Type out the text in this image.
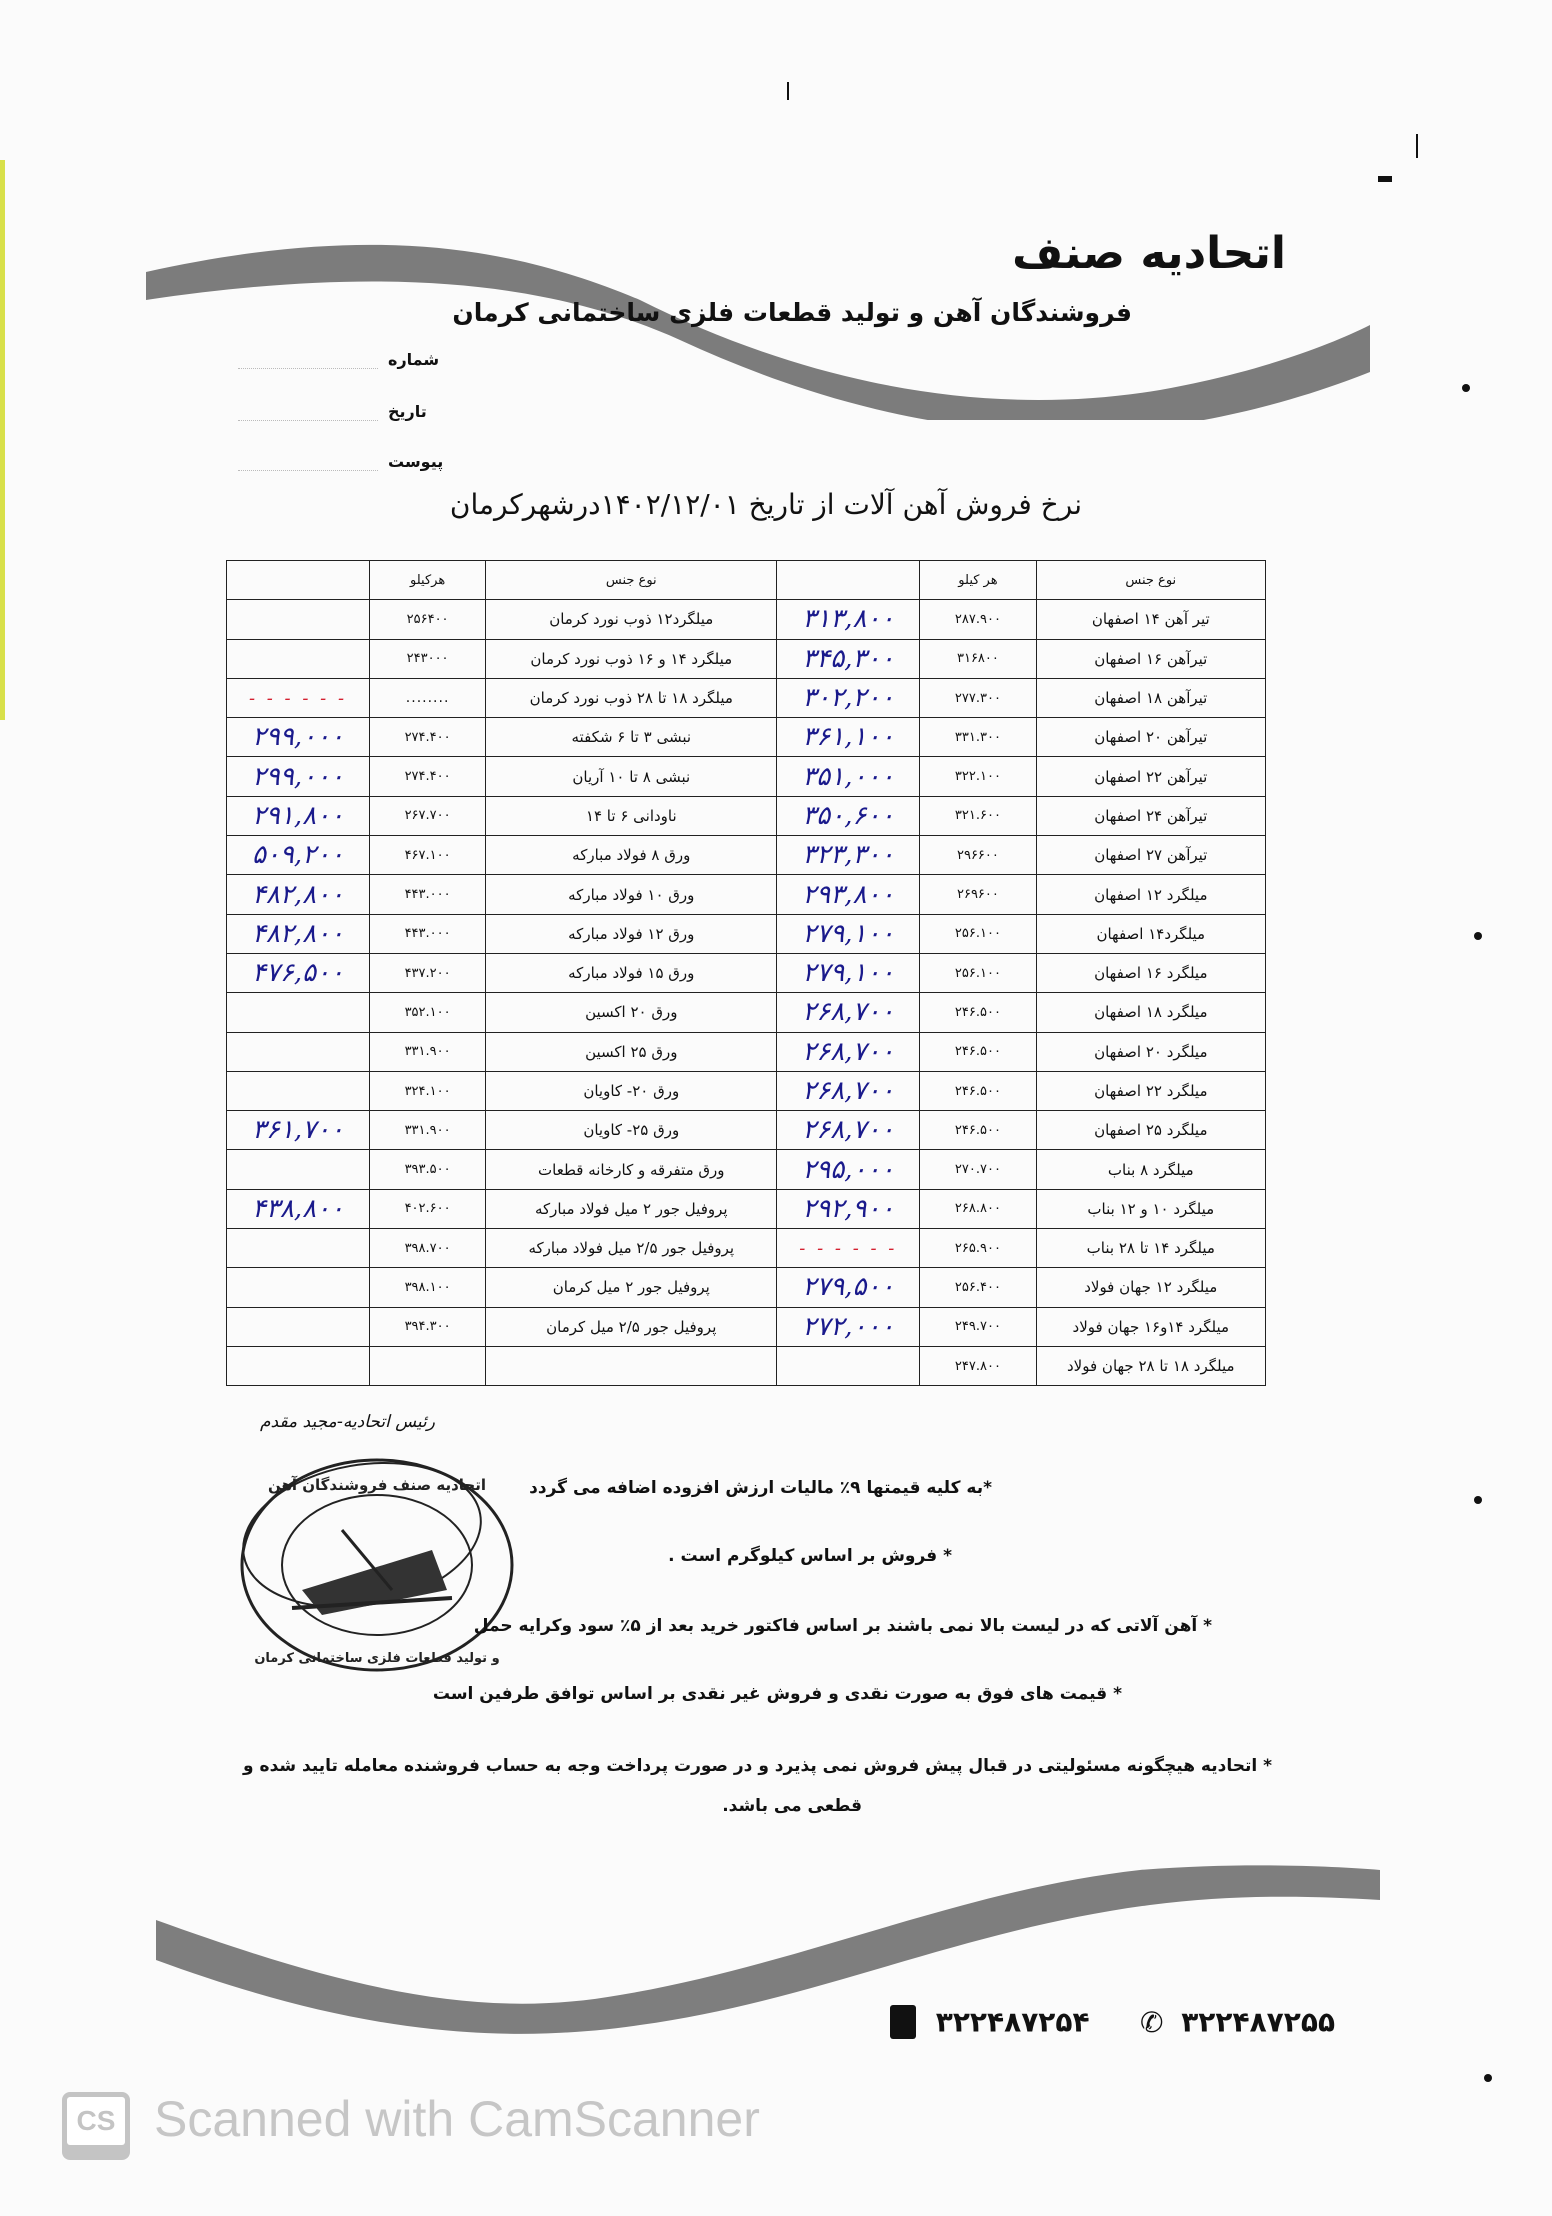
اتحادیه صنف
فروشندگان آهن و تولید قطعات فلزی ساختمانی کرمان
شماره
تاریخ
پیوست
نرخ فروش آهن آلات از تاریخ ۱۴۰۲/۱۲/۰۱درشهرکرمان
	هرکیلو	نوع جنس		هر کیلو	نوع جنس
	۲۵۶۴۰۰	میلگرد۱۲ ذوب نورد کرمان	۳۱۳,۸۰۰	۲۸۷.۹۰۰	تیر آهن ۱۴ اصفهان
	۲۴۳۰۰۰	میلگرد ۱۴ و ۱۶ ذوب نورد کرمان	۳۴۵,۳۰۰	۳۱۶۸۰۰	تیرآهن ۱۶ اصفهان
- - - - - -	........	میلگرد ۱۸ تا ۲۸ ذوب نورد کرمان	۳۰۲,۲۰۰	۲۷۷.۳۰۰	تیرآهن ۱۸ اصفهان
۲۹۹,۰۰۰	۲۷۴.۴۰۰	نبشی ۳ تا ۶ شکفته	۳۶۱,۱۰۰	۳۳۱.۳۰۰	تیرآهن ۲۰ اصفهان
۲۹۹,۰۰۰	۲۷۴.۴۰۰	نبشی ۸ تا ۱۰ آریان	۳۵۱,۰۰۰	۳۲۲.۱۰۰	تیرآهن ۲۲ اصفهان
۲۹۱,۸۰۰	۲۶۷.۷۰۰	ناودانی ۶ تا ۱۴	۳۵۰,۶۰۰	۳۲۱.۶۰۰	تیرآهن ۲۴ اصفهان
۵۰۹,۲۰۰	۴۶۷.۱۰۰	ورق ۸ فولاد مبارکه	۳۲۳,۳۰۰	۲۹۶۶۰۰	تیرآهن ۲۷ اصفهان
۴۸۲,۸۰۰	۴۴۳.۰۰۰	ورق ۱۰ فولاد مبارکه	۲۹۳,۸۰۰	۲۶۹۶۰۰	میلگرد ۱۲ اصفهان
۴۸۲,۸۰۰	۴۴۳.۰۰۰	ورق ۱۲ فولاد مبارکه	۲۷۹,۱۰۰	۲۵۶.۱۰۰	میلگرد۱۴ اصفهان
۴۷۶,۵۰۰	۴۳۷.۲۰۰	ورق ۱۵ فولاد مبارکه	۲۷۹,۱۰۰	۲۵۶.۱۰۰	میلگرد ۱۶ اصفهان
	۳۵۲.۱۰۰	ورق ۲۰ اکسین	۲۶۸,۷۰۰	۲۴۶.۵۰۰	میلگرد ۱۸ اصفهان
	۳۳۱.۹۰۰	ورق ۲۵ اکسین	۲۶۸,۷۰۰	۲۴۶.۵۰۰	میلگرد ۲۰ اصفهان
	۳۲۴.۱۰۰	ورق ۲۰- کاویان	۲۶۸,۷۰۰	۲۴۶.۵۰۰	میلگرد ۲۲ اصفهان
۳۶۱,۷۰۰	۳۳۱.۹۰۰	ورق ۲۵- کاویان	۲۶۸,۷۰۰	۲۴۶.۵۰۰	میلگرد ۲۵ اصفهان
	۳۹۳.۵۰۰	ورق متفرقه و کارخانه قطعات	۲۹۵,۰۰۰	۲۷۰.۷۰۰	میلگرد ۸ بناب
۴۳۸,۸۰۰	۴۰۲.۶۰۰	پروفیل جور ۲ میل فولاد مبارکه	۲۹۲,۹۰۰	۲۶۸.۸۰۰	میلگرد ۱۰ و ۱۲ بناب
	۳۹۸.۷۰۰	پروفیل جور ۲/۵ میل فولاد مبارکه	- - - - - -	۲۶۵.۹۰۰	میلگرد ۱۴ تا ۲۸ بناب
	۳۹۸.۱۰۰	پروفیل جور ۲ میل کرمان	۲۷۹,۵۰۰	۲۵۶.۴۰۰	میلگرد ۱۲ جهان فولاد
	۳۹۴.۳۰۰	پروفیل جور ۲/۵ میل کرمان	۲۷۲,۰۰۰	۲۴۹.۷۰۰	میلگرد ۱۴و۱۶ جهان فولاد
				۲۴۷.۸۰۰	میلگرد ۱۸ تا ۲۸ جهان فولاد
رئیس اتحادیه-مجید مقدم
اتحادیه صنف فروشندگان آهن
و تولید قطعات فلزی ساختمانی کرمان
*به کلیه قیمتها ۹٪ مالیات ارزش افزوده اضافه می گردد
* فروش بر اساس کیلوگرم است .
* آهن آلاتی که در لیست بالا نمی باشند بر اساس فاکتور خرید بعد از ۵٪ سود وکرایه حمل
* قیمت های فوق به صورت نقدی و فروش غیر نقدی بر اساس توافق طرفین است
* اتحادیه هیچگونه مسئولیتی در قبال پیش فروش نمی پذیرد و در صورت پرداخت وجه به حساب فروشنده معامله تایید شده و
قطعی می باشد.
۳۲۲۴۸۷۲۵۴ ✆ ۳۲۲۴۸۷۲۵۵
CS Scanned with CamScanner
